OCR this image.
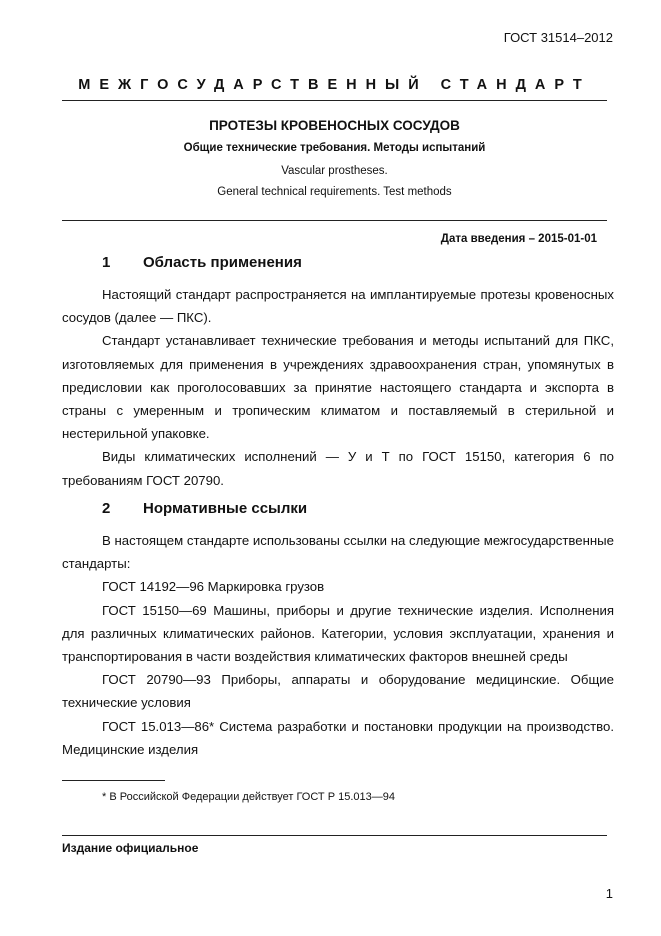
ГОСТ 31514–2012
МЕЖГОСУДАРСТВЕННЫЙ СТАНДАРТ
ПРОТЕЗЫ КРОВЕНОСНЫХ СОСУДОВ
Общие технические требования. Методы испытаний
Vascular prostheses.
General technical requirements. Test methods
Дата введения – 2015-01-01
1 Область применения

Настоящий стандарт распространяется на имплантируемые протезы кровеносных сосудов (далее — ПКС).

Стандарт устанавливает технические требования и методы испытаний для ПКС, изготовляемых для применения в учреждениях здравоохранения стран, упомянутых в предисловии как проголосовавших за принятие настоящего стандарта и экспорта в страны с умеренным и тропическим климатом и поставляемый в стерильной и нестерильной упаковке.

Виды климатических исполнений — У и Т по ГОСТ 15150, категория 6 по требованиям ГОСТ 20790.

2 Нормативные ссылки

В настоящем стандарте использованы ссылки на следующие межгосударственные стандарты:

ГОСТ 14192—96 Маркировка грузов

ГОСТ 15150—69 Машины, приборы и другие технические изделия. Исполнения для различных климатических районов. Категории, условия эксплуатации, хранения и транспортирования в части воздействия климатических факторов внешней среды

ГОСТ 20790—93 Приборы, аппараты и оборудование медицинские. Общие технические условия

ГОСТ 15.013—86* Система разработки и постановки продукции на производство. Медицинские изделия

* В Российской Федерации действует ГОСТ Р 15.013—94
Издание официальное
1
